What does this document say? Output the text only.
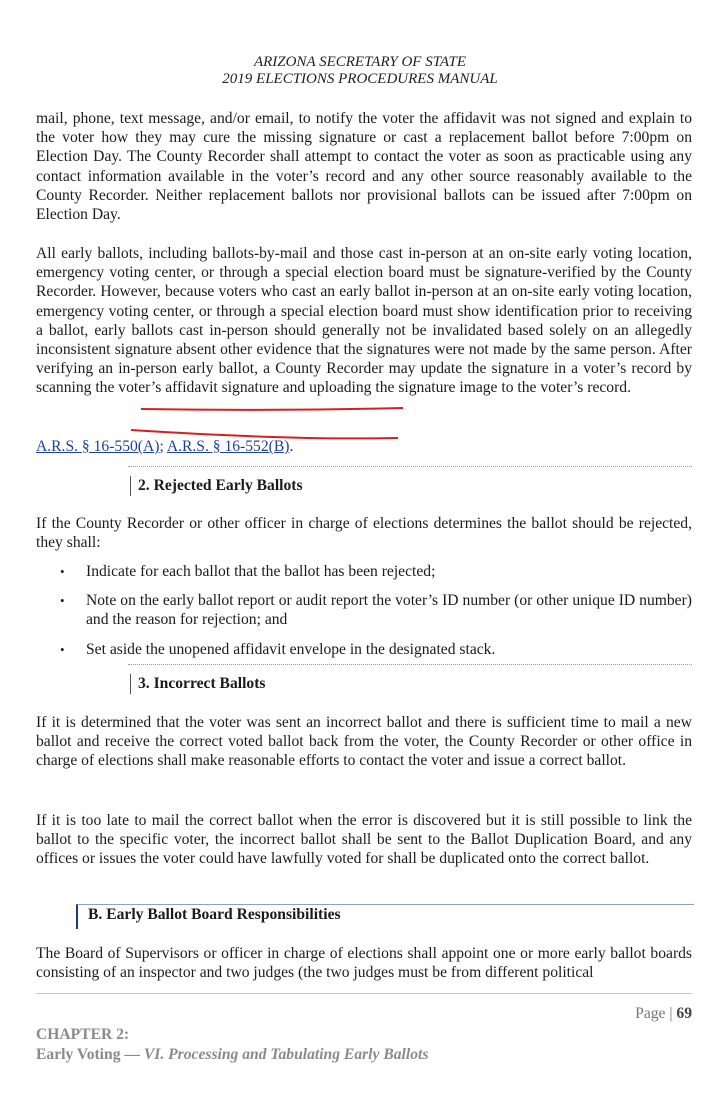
ARIZONA SECRETARY OF STATE
2019 ELECTIONS PROCEDURES MANUAL
mail, phone, text message, and/or email, to notify the voter the affidavit was not signed and explain to the voter how they may cure the missing signature or cast a replacement ballot before 7:00pm on Election Day. The County Recorder shall attempt to contact the voter as soon as practicable using any contact information available in the voter’s record and any other source reasonably available to the County Recorder. Neither replacement ballots nor provisional ballots can be issued after 7:00pm on Election Day.
All early ballots, including ballots-by-mail and those cast in-person at an on-site early voting location, emergency voting center, or through a special election board must be signature-verified by the County Recorder. However, because voters who cast an early ballot in-person at an on-site early voting location, emergency voting center, or through a special election board must show identification prior to receiving a ballot, early ballots cast in-person should generally not be invalidated based solely on an allegedly inconsistent signature absent other evidence that the signatures were not made by the same person. After verifying an in-person early ballot, a County Recorder may update the signature in a voter’s record by scanning the voter’s affidavit signature and uploading the signature image to the voter’s record.
A.R.S. § 16-550(A); A.R.S. § 16-552(B).
2. Rejected Early Ballots
If the County Recorder or other officer in charge of elections determines the ballot should be rejected, they shall:
• Indicate for each ballot that the ballot has been rejected;
• Note on the early ballot report or audit report the voter’s ID number (or other unique ID number) and the reason for rejection; and
• Set aside the unopened affidavit envelope in the designated stack.
3. Incorrect Ballots
If it is determined that the voter was sent an incorrect ballot and there is sufficient time to mail a new ballot and receive the correct voted ballot back from the voter, the County Recorder or other office in charge of elections shall make reasonable efforts to contact the voter and issue a correct ballot.
If it is too late to mail the correct ballot when the error is discovered but it is still possible to link the ballot to the specific voter, the incorrect ballot shall be sent to the Ballot Duplication Board, and any offices or issues the voter could have lawfully voted for shall be duplicated onto the correct ballot.
B. Early Ballot Board Responsibilities
The Board of Supervisors or officer in charge of elections shall appoint one or more early ballot boards consisting of an inspector and two judges (the two judges must be from different political
Page | 69
CHAPTER 2:
Early Voting — VI. Processing and Tabulating Early Ballots
